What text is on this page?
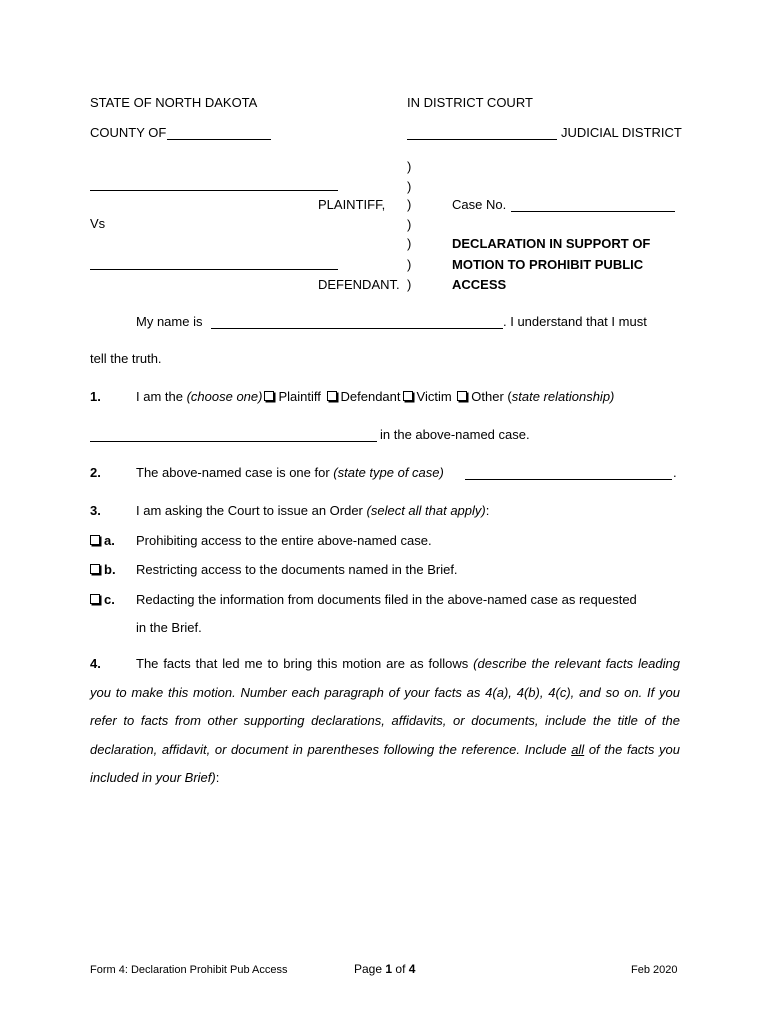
STATE OF NORTH DAKOTA	IN DISTRICT COURT
COUNTY OF	JUDICIAL DISTRICT
)
)
)
)
)
)
)
PLAINTIFF,
Vs
DEFENDANT.
Case No.
DECLARATION IN SUPPORT OF
MOTION TO PROHIBIT PUBLIC
ACCESS
My name is	. I understand that I must
tell the truth.
1.	I am the (choose one) Plaintiff Defendant Victim Other (state relationship)
in the above-named case.
2.	The above-named case is one for (state type of case)	.
3.	I am asking the Court to issue an Order (select all that apply):
a. Prohibiting access to the entire above-named case.
b. Restricting access to the documents named in the Brief.
c. Redacting the information from documents filed in the above-named case as requested
in the Brief.
4.	The facts that led me to bring this motion are as follows (describe the relevant facts leading you to make this motion. Number each paragraph of your facts as 4(a), 4(b), 4(c), and so on. If you refer to facts from other supporting declarations, affidavits, or documents, include the title of the declaration, affidavit, or document in parentheses following the reference. Include all of the facts you included in your Brief):
Form 4: Declaration Prohibit Pub Access	Page 1 of 4	Feb 2020
